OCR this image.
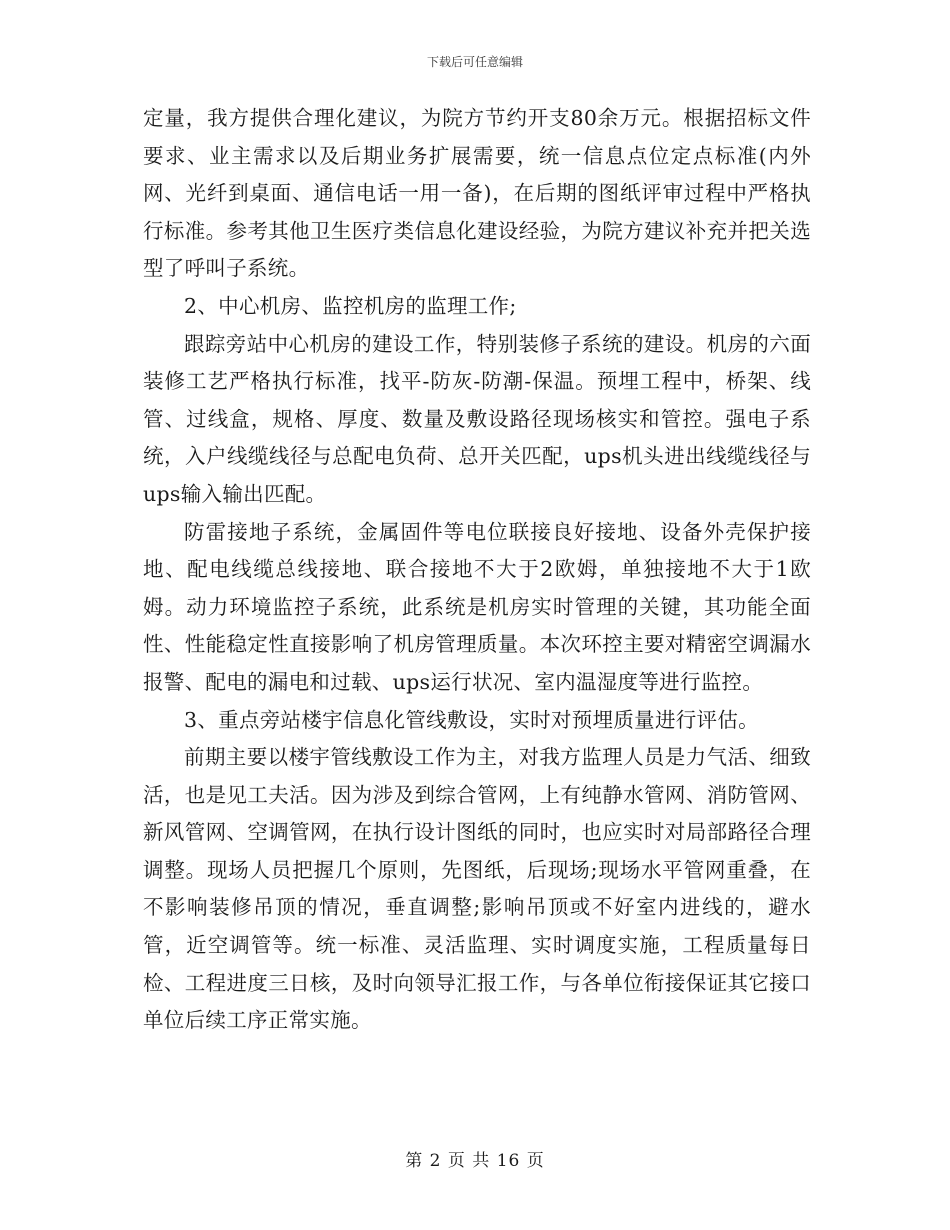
下载后可任意编辑

定量，我方提供合理化建议，为院方节约开支80余万元。根据招标文件要求、业主需求以及后期业务扩展需要，统一信息点位定点标准(内外网、光纤到桌面、通信电话一用一备)，在后期的图纸评审过程中严格执行标准。参考其他卫生医疗类信息化建设经验，为院方建议补充并把关选型了呼叫子系统。

2、中心机房、监控机房的监理工作;

跟踪旁站中心机房的建设工作，特别装修子系统的建设。机房的六面装修工艺严格执行标准，找平-防灰-防潮-保温。预埋工程中，桥架、线管、过线盒，规格、厚度、数量及敷设路径现场核实和管控。强电子系统，入户线缆线径与总配电负荷、总开关匹配，ups机头进出线缆线径与ups输入输出匹配。

防雷接地子系统，金属固件等电位联接良好接地、设备外壳保护接地、配电线缆总线接地、联合接地不大于2欧姆，单独接地不大于1欧姆。动力环境监控子系统，此系统是机房实时管理的关键，其功能全面性、性能稳定性直接影响了机房管理质量。本次环控主要对精密空调漏水报警、配电的漏电和过载、ups运行状况、室内温湿度等进行监控。

3、重点旁站楼宇信息化管线敷设，实时对预埋质量进行评估。

前期主要以楼宇管线敷设工作为主，对我方监理人员是力气活、细致活，也是见工夫活。因为涉及到综合管网，上有纯静水管网、消防管网、新风管网、空调管网，在执行设计图纸的同时，也应实时对局部路径合理调整。现场人员把握几个原则，先图纸，后现场;现场水平管网重叠，在不影响装修吊顶的情况，垂直调整;影响吊顶或不好室内进线的，避水管，近空调管等。统一标准、灵活监理、实时调度实施，工程质量每日检、工程进度三日核，及时向领导汇报工作，与各单位衔接保证其它接口单位后续工序正常实施。

第 2 页 共 16 页
